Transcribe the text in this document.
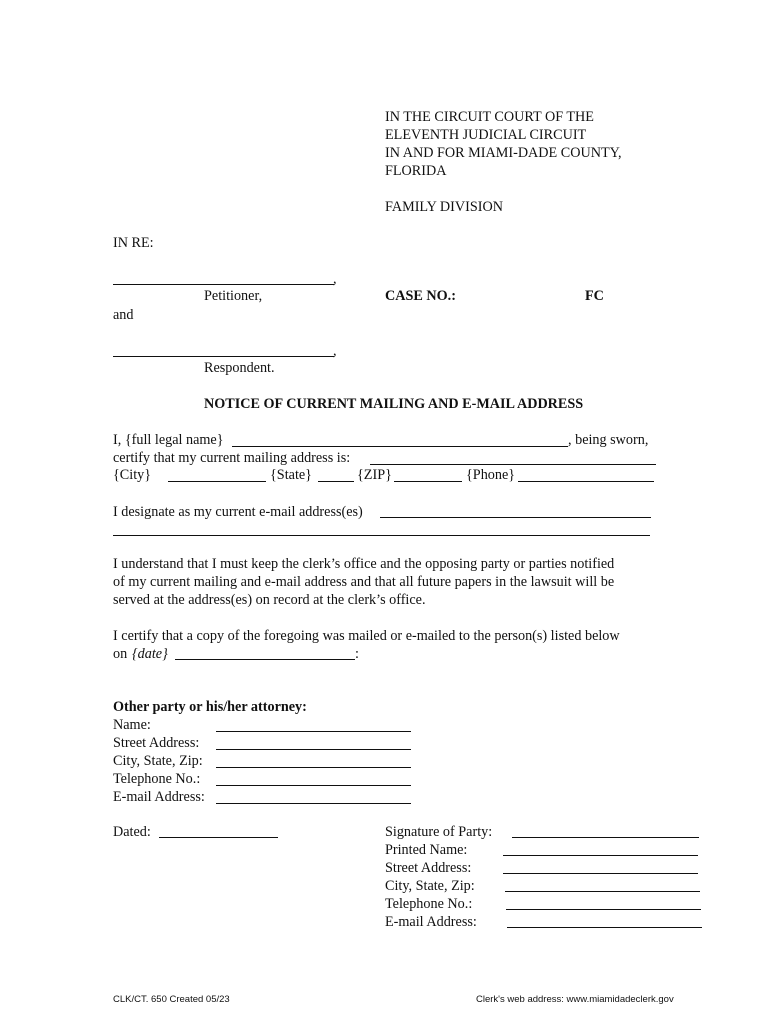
IN THE CIRCUIT COURT OF THE
ELEVENTH JUDICIAL CIRCUIT
IN AND FOR MIAMI-DADE COUNTY,
FLORIDA
FAMILY DIVISION
IN RE:
,
Petitioner,	CASE NO.:	FC
and
,
Respondent.
NOTICE OF CURRENT MAILING AND E-MAIL ADDRESS
I, {full legal name}	, being sworn,
certify that my current mailing address is:
{City}	{State}	{ZIP}	{Phone}
I designate as my current e-mail address(es)
I understand that I must keep the clerk’s office and the opposing party or parties notified
of my current mailing and e-mail address and that all future papers in the lawsuit will be
served at the address(es) on record at the clerk’s office.
I certify that a copy of the foregoing was mailed or e-mailed to the person(s) listed below
on {date}	:
Other party or his/her attorney:
Name:
Street Address:
City, State, Zip:
Telephone No.:
E-mail Address:
Dated:	Signature of Party:
Printed Name:
Street Address:
City, State, Zip:
Telephone No.:
E-mail Address:
CLK/CT. 650 Created 05/23	Clerk's web address: www.miamidadeclerk.gov
